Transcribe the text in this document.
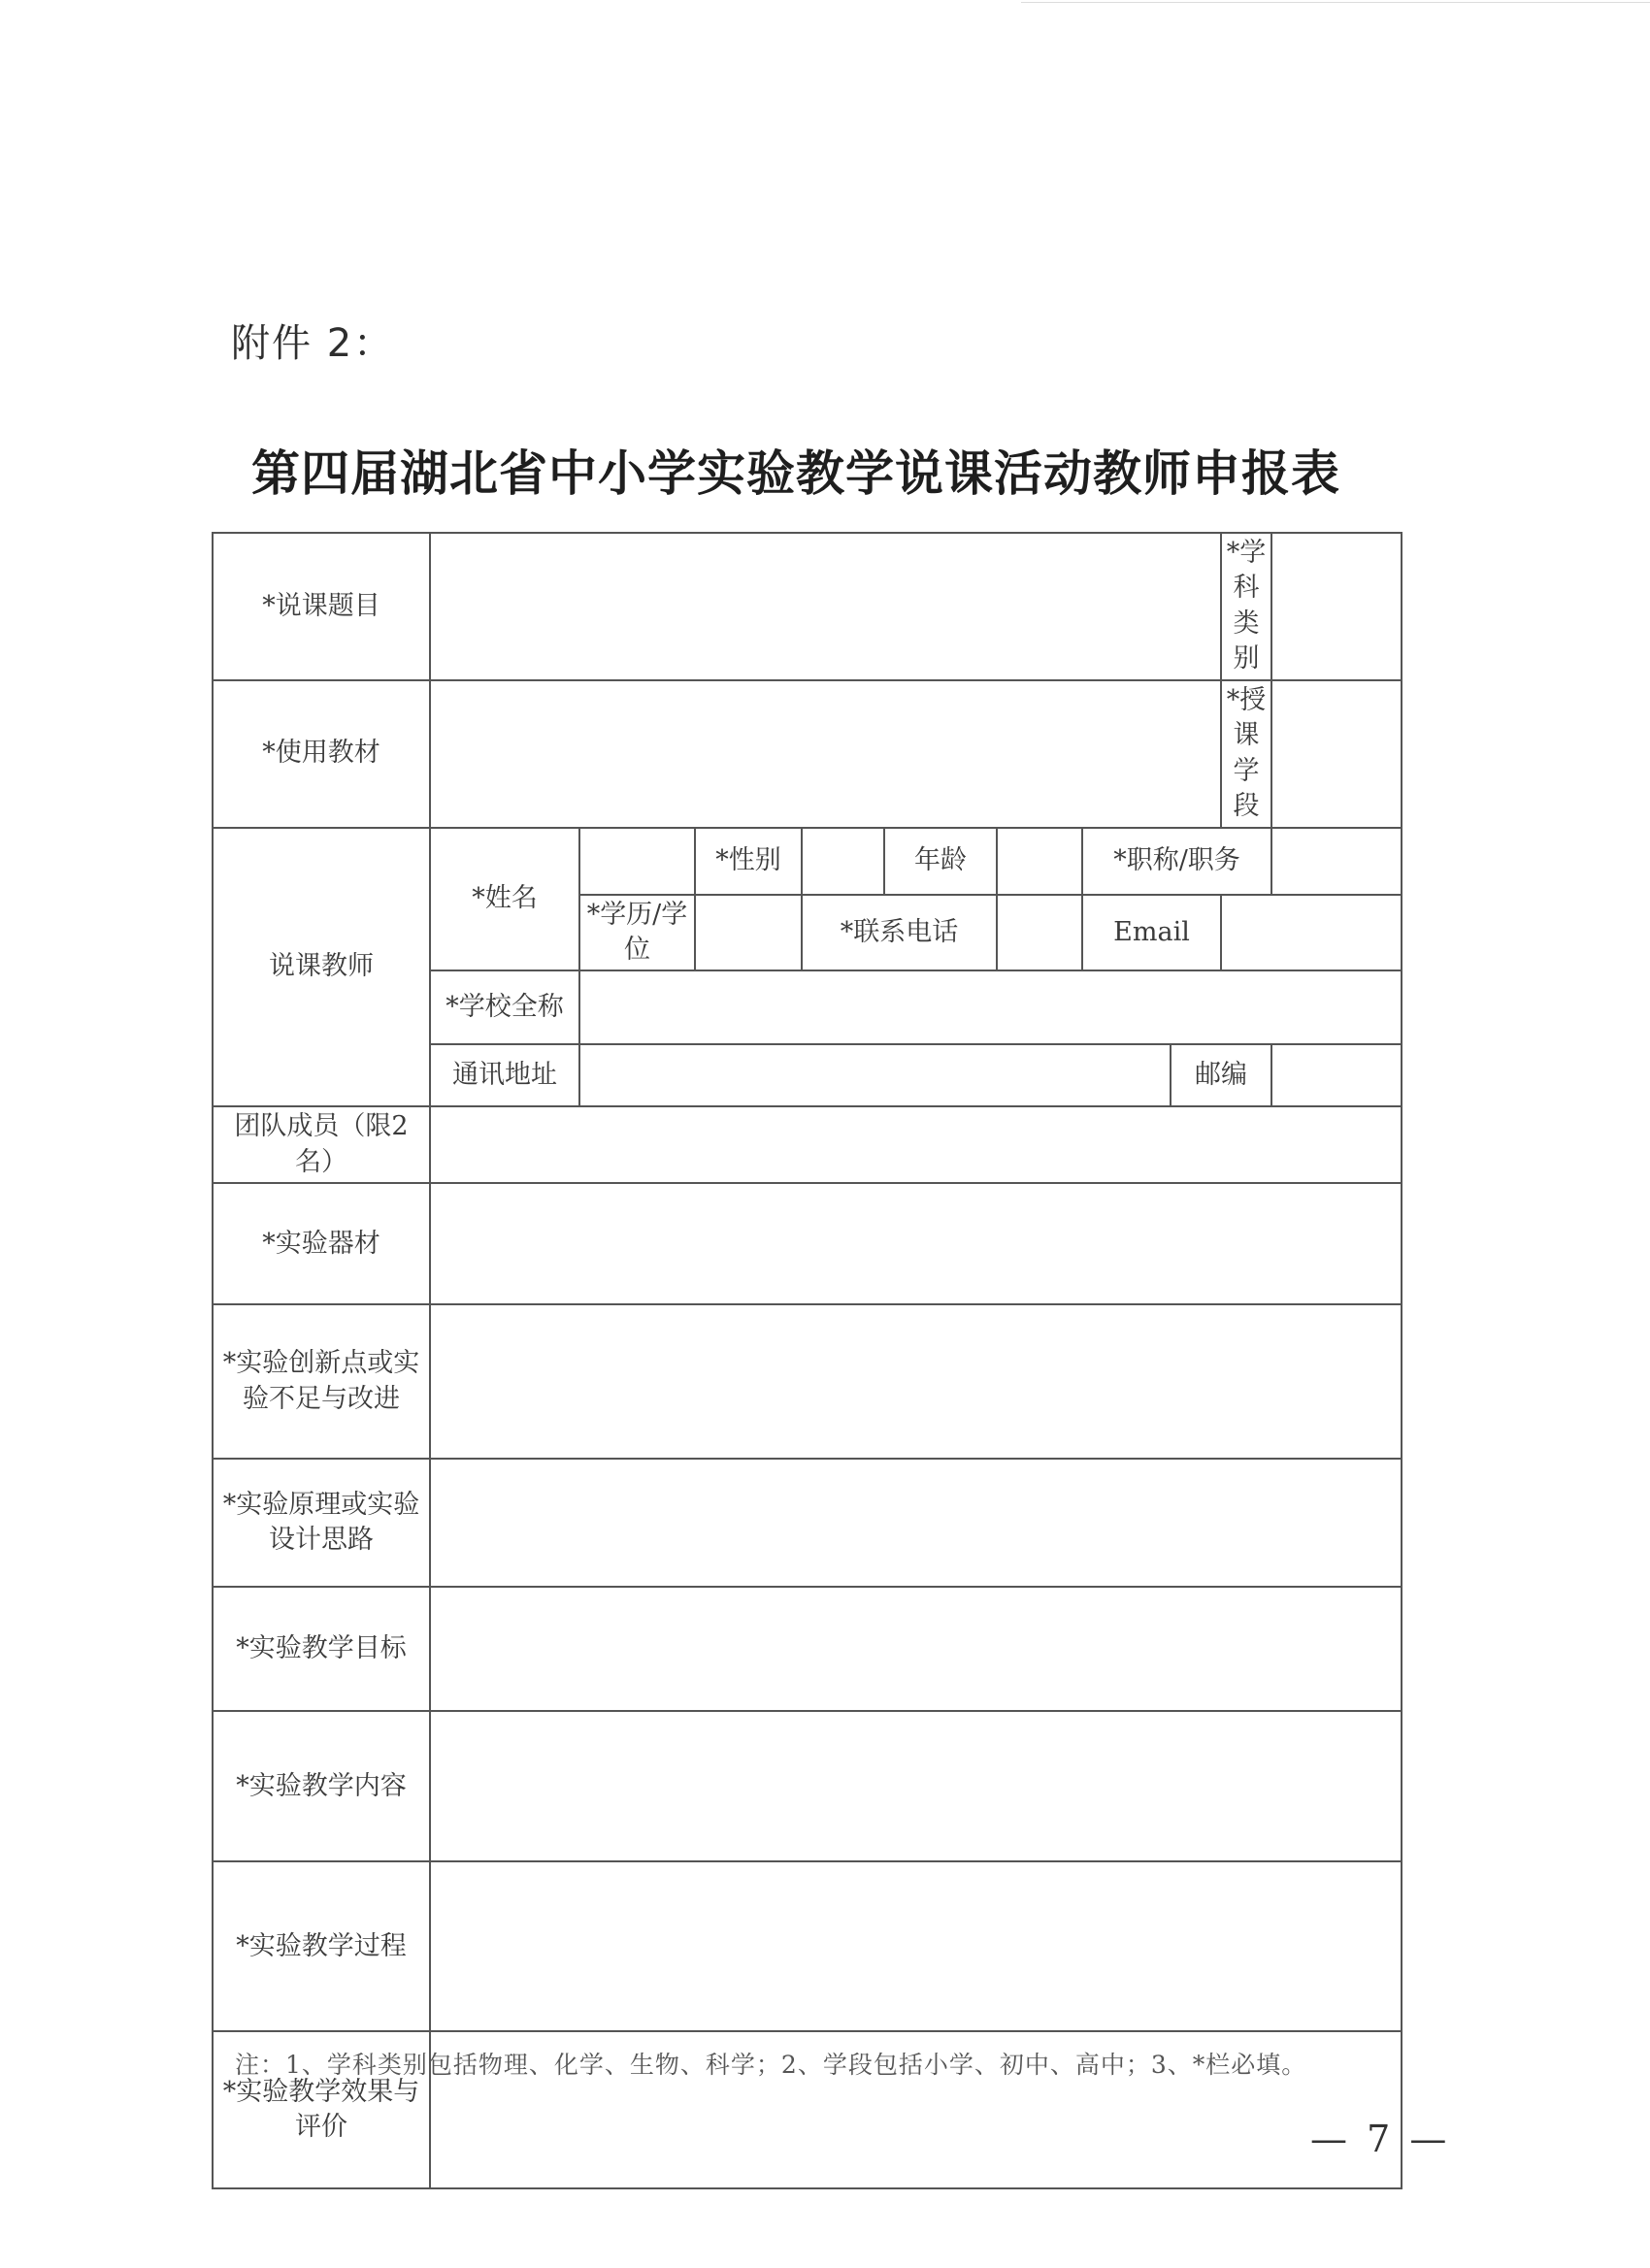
附件 2：
第四届湖北省中小学实验教学说课活动教师申报表
*说课题目									*学科类别	
*使用教材									*授课学段	
说课教师	*姓名		*性别		年龄		*职称/职务			
		*学历/学位		*联系电话			Email			
	*学校全称									
	通讯地址							邮编		
团队成员（限2名）										
*实验器材										
*实验创新点或实验不足与改进										
*实验原理或实验设计思路										
*实验教学目标										
*实验教学内容										
*实验教学过程										
*实验教学效果与评价										
注：1、学科类别包括物理、化学、生物、科学；2、学段包括小学、初中、高中；3、*栏必填。
— 7 —
